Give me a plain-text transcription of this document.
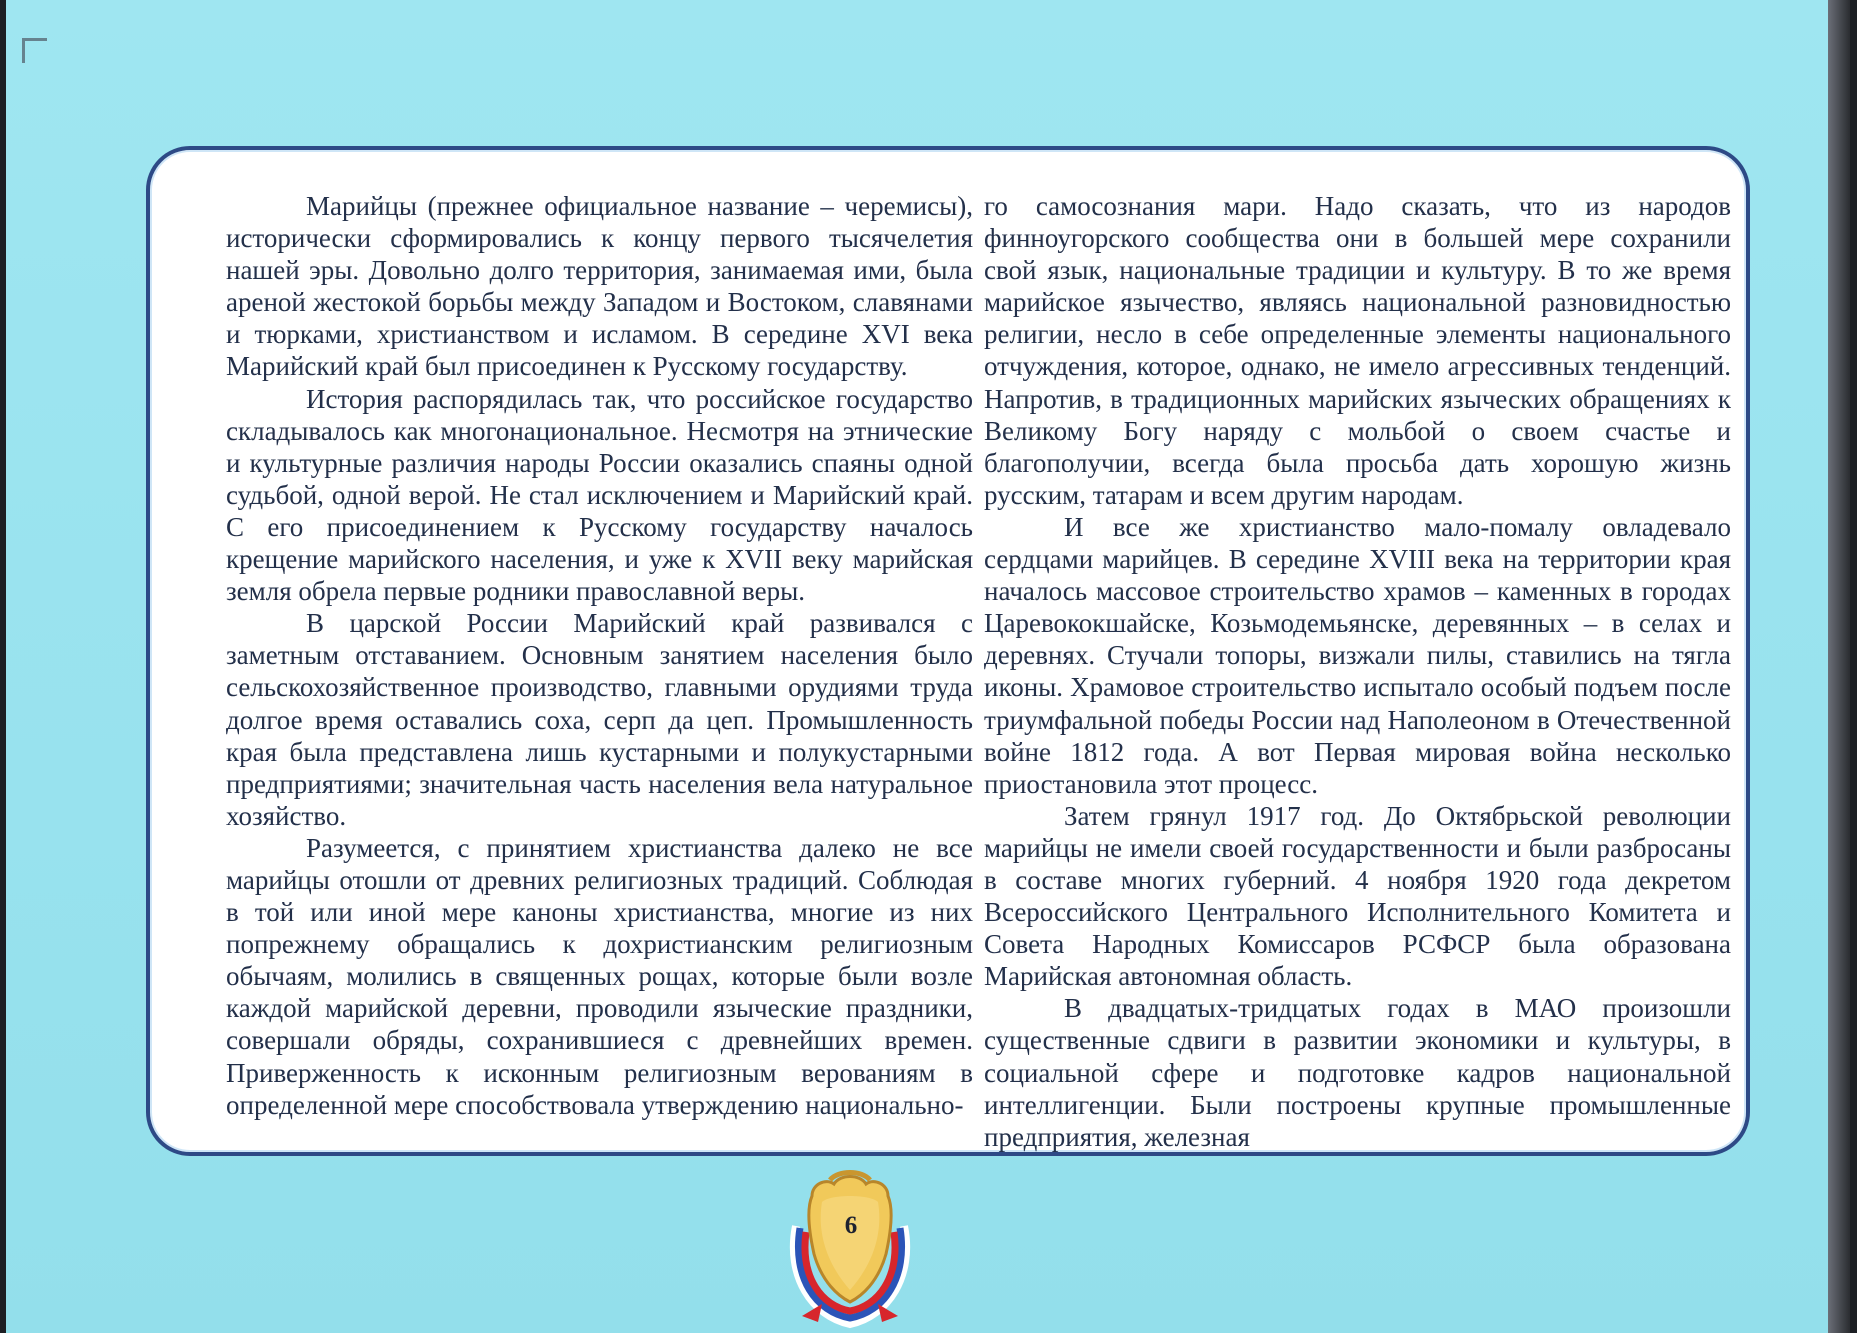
Марийцы (прежнее официальное название – черемисы), исторически сформировались к концу первого тысячелетия нашей эры. Довольно долго территория, занимаемая ими, была ареной жестокой борьбы между Западом и Востоком, славянами и тюрками, христианством и исламом. В середине XVI века Марийский край был присоединен к Русскому государству.

История распорядилась так, что российское государство складывалось как многонациональное. Несмотря на этнические и культурные различия народы России оказались спаяны одной судьбой, одной верой. Не стал исключением и Марийский край. С его присоединением к Русскому государству началось крещение марийского населения, и уже к XVII веку марийская земля обрела первые родники православной веры.

В царской России Марийский край развивался с заметным отставанием. Основным занятием населения было сельскохозяйственное производство, главными орудиями труда долгое время оставались соха, серп да цеп. Промышленность края была представлена лишь кустарными и полукустарными предприятиями; значительная часть населения вела натуральное хозяйство.

Разумеется, с принятием христианства далеко не все марийцы отошли от древних религиозных традиций. Соблюдая в той или иной мере каноны христианства, многие из них попрежнему обращались к дохристианским религиозным обычаям, молились в священных рощах, которые были возле каждой марийской деревни, проводили языческие праздники, совершали обряды, сохранившиеся с древнейших времен. Приверженность к исконным религиозным верованиям в определенной мере способствовала утверждению национально-

го самосознания мари. Надо сказать, что из народов финноугорского сообщества они в большей мере сохранили свой язык, национальные традиции и культуру. В то же время марийское язычество, являясь национальной разновидностью религии, несло в себе определенные элементы национального отчуждения, которое, однако, не имело агрессивных тенденций. Напротив, в традиционных марийских языческих обращениях к Великому Богу наряду с мольбой о своем счастье и благополучии, всегда была просьба дать хорошую жизнь русским, татарам и всем другим народам.

И все же христианство мало-помалу овладевало сердцами марийцев. В середине XVIII века на территории края началось массовое строительство храмов – каменных в городах Царевококшайске, Козьмодемьянске, деревянных – в селах и деревнях. Стучали топоры, визжали пилы, ставились на тягла иконы. Храмовое строительство испытало особый подъем после триумфальной победы России над Наполеоном в Отечественной войне 1812 года. А вот Первая мировая война несколько приостановила этот процесс.

Затем грянул 1917 год. До Октябрьской революции марийцы не имели своей государственности и были разбросаны в составе многих губерний. 4 ноября 1920 года декретом Всероссийского Центрального Исполнительного Комитета и Совета Народных Комиссаров РСФСР была образована Марийская автономная область.

В двадцатых-тридцатых годах в МАО произошли существенные сдвиги в развитии экономики и культуры, в социальной сфере и подготовке кадров национальной интеллигенции. Были построены крупные промышленные предприятия, железная

6
